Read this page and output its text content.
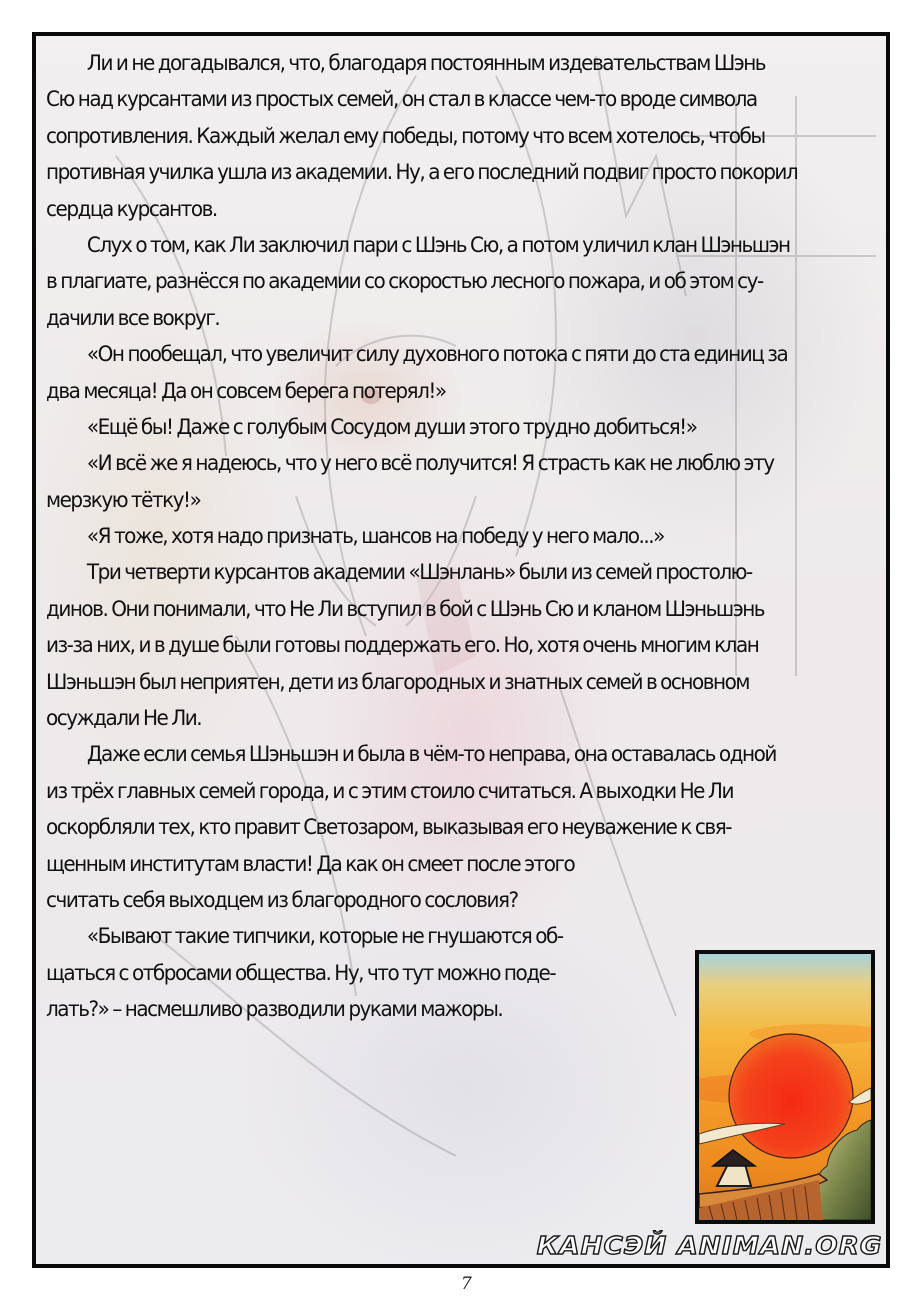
Ли и не догадывался, что, благодаря постоянным издевательствам Шэнь
Сю над курсантами из простых семей, он стал в классе чем-то вроде символа
сопротивления. Каждый желал ему победы, потому что всем хотелось, чтобы
противная училка ушла из академии. Ну, а его последний подвиг просто покорил
сердца курсантов.
Слух о том, как Ли заключил пари с Шэнь Сю, а потом уличил клан Шэньшэн
в плагиате, разнёсся по академии со скоростью лесного пожара, и об этом су-
дачили все вокруг.
«Он пообещал, что увеличит силу духовного потока с пяти до ста единиц за
два месяца! Да он совсем берега потерял!»
«Ещё бы! Даже с голубым Сосудом души этого трудно добиться!»
«И всё же я надеюсь, что у него всё получится! Я страсть как не люблю эту
мерзкую тётку!»
«Я тоже, хотя надо признать, шансов на победу у него мало...»
Три четверти курсантов академии «Шэнлань» были из семей простолю-
динов. Они понимали, что Не Ли вступил в бой с Шэнь Сю и кланом Шэньшэнь
из-за них, и в душе были готовы поддержать его. Но, хотя очень многим клан
Шэньшэн был неприятен, дети из благородных и знатных семей в основном
осуждали Не Ли.
Даже если семья Шэньшэн и была в чём-то неправа, она оставалась одной
из трёх главных семей города, и с этим стоило считаться. А выходки Не Ли
оскорбляли тех, кто правит Светозаром, выказывая его неуважение к свя-
щенным институтам власти! Да как он смеет после этого
считать себя выходцем из благородного сословия?
«Бывают такие типчики, которые не гнушаются об-
щаться с отбросами общества. Ну, что тут можно поде-
лать?» – насмешливо разводили руками мажоры.
КАНСЭЙ ANIMAN.ORG
7
